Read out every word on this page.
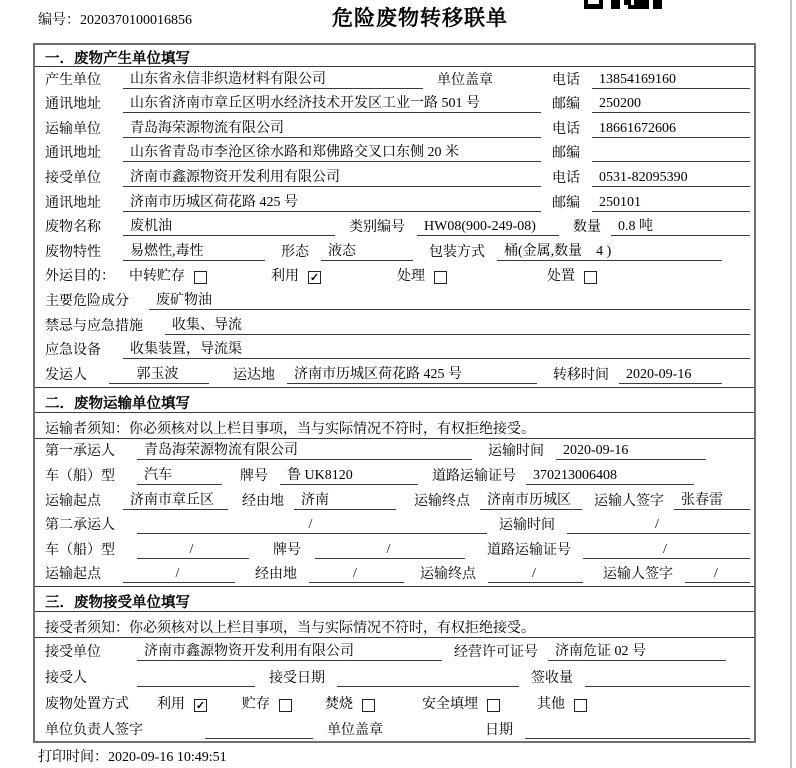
编号：2020370100016856	危险废物转移联单
一．废物产生单位填写
产生单位	山东省永信非织造材料有限公司	单位盖章	电话	13854169160
通讯地址	山东省济南市章丘区明水经济技术开发区工业一路 501 号	邮编	250200
运输单位	青岛海荣源物流有限公司	电话	18661672606
通讯地址	山东省青岛市李沧区徐水路和郑佛路交叉口东侧 20 米	邮编
接受单位	济南市鑫源物资开发利用有限公司	电话	0531-82095390
通讯地址	济南市历城区荷花路 425 号	邮编	250101
废物名称	废机油	类别编号	HW08(900-249-08)	数量	0.8 吨
废物特性	易燃性,毒性	形态	液态	包装方式	桶(金属,数量　4 )
外运目的：	中转贮存	利用 ✓	处理	处置
主要危险成分	废矿物油
禁忌与应急措施	收集、导流
应急设备	收集装置，导流渠
发运人	郭玉波	运达地	济南市历城区荷花路 425 号	转移时间	2020-09-16
二．废物运输单位填写
运输者须知：你必须核对以上栏目事项，当与实际情况不符时，有权拒绝接受。
第一承运人	青岛海荣源物流有限公司	运输时间	2020-09-16
车（船）型	汽车	牌号	鲁 UK8120	道路运输证号	370213006408
运输起点	济南市章丘区	经由地	济南	运输终点	济南市历城区	运输人签字	张春雷
第二承运人	/	运输时间	/
车（船）型	/	牌号	/	道路运输证号	/
运输起点	/	经由地	/	运输终点	/	运输人签字	/
三．废物接受单位填写
接受者须知：你必须核对以上栏目事项，当与实际情况不符时，有权拒绝接受。
接受单位	济南市鑫源物资开发利用有限公司	经营许可证号	济南危证 02 号
接受人	接受日期	签收量
废物处置方式	利用 ✓	贮存	焚烧	安全填埋	其他
单位负责人签字	单位盖章	日期
打印时间：2020-09-16 10:49:51
